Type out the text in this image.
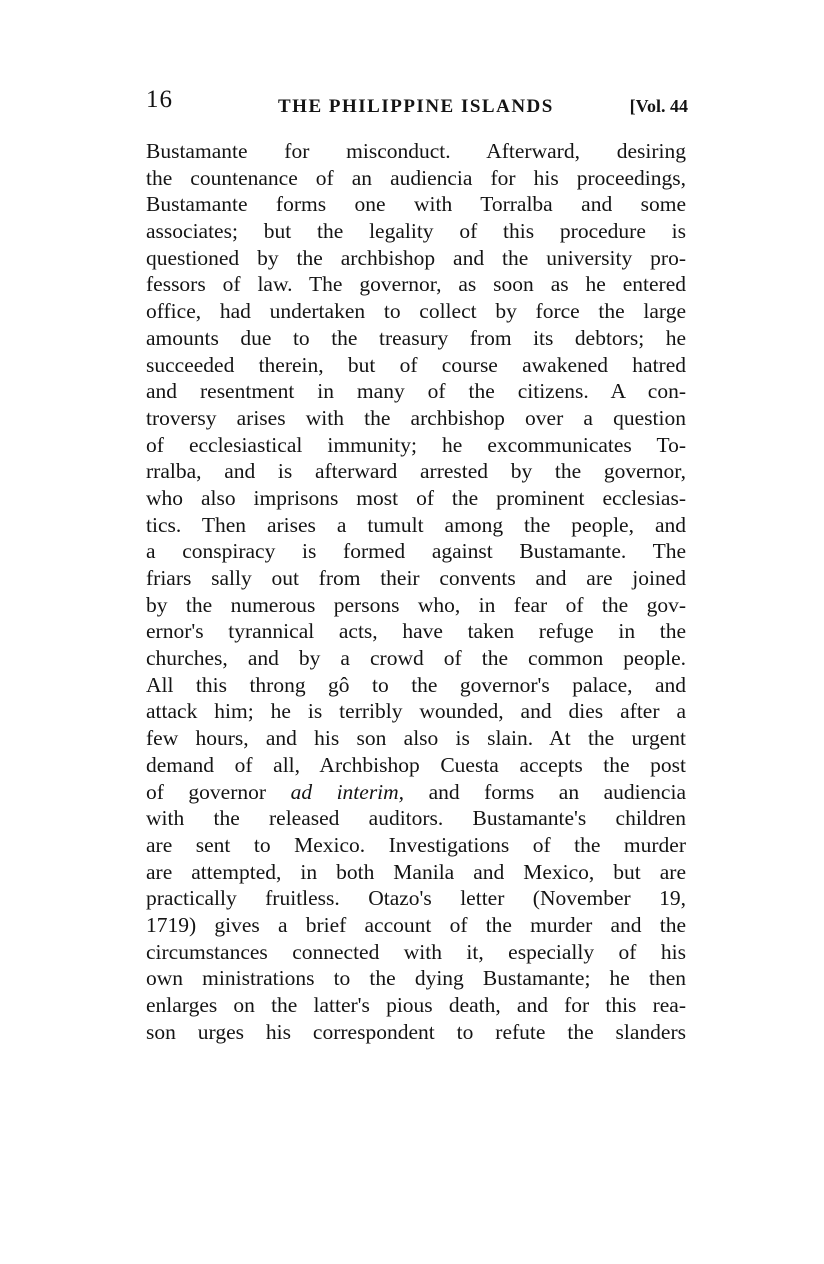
16	THE PHILIPPINE ISLANDS	[Vol. 44
Bustamante for misconduct. Afterward, desiring
the countenance of an audiencia for his proceedings,
Bustamante forms one with Torralba and some
associates; but the legality of this procedure is
questioned by the archbishop and the university pro-
fessors of law. The governor, as soon as he entered
office, had undertaken to collect by force the large
amounts due to the treasury from its debtors; he
succeeded therein, but of course awakened hatred
and resentment in many of the citizens. A con-
troversy arises with the archbishop over a question
of ecclesiastical immunity; he excommunicates To-
rralba, and is afterward arrested by the governor,
who also imprisons most of the prominent ecclesias-
tics. Then arises a tumult among the people, and
a conspiracy is formed against Bustamante. The
friars sally out from their convents and are joined
by the numerous persons who, in fear of the gov-
ernor's tyrannical acts, have taken refuge in the
churches, and by a crowd of the common people.
All this throng gô to the governor's palace, and
attack him; he is terribly wounded, and dies after a
few hours, and his son also is slain. At the urgent
demand of all, Archbishop Cuesta accepts the post
of governor ad interim, and forms an audiencia
with the released auditors. Bustamante's children
are sent to Mexico. Investigations of the murder
are attempted, in both Manila and Mexico, but are
practically fruitless. Otazo's letter (November 19,
1719) gives a brief account of the murder and the
circumstances connected with it, especially of his
own ministrations to the dying Bustamante; he then
enlarges on the latter's pious death, and for this rea-
son urges his correspondent to refute the slanders
